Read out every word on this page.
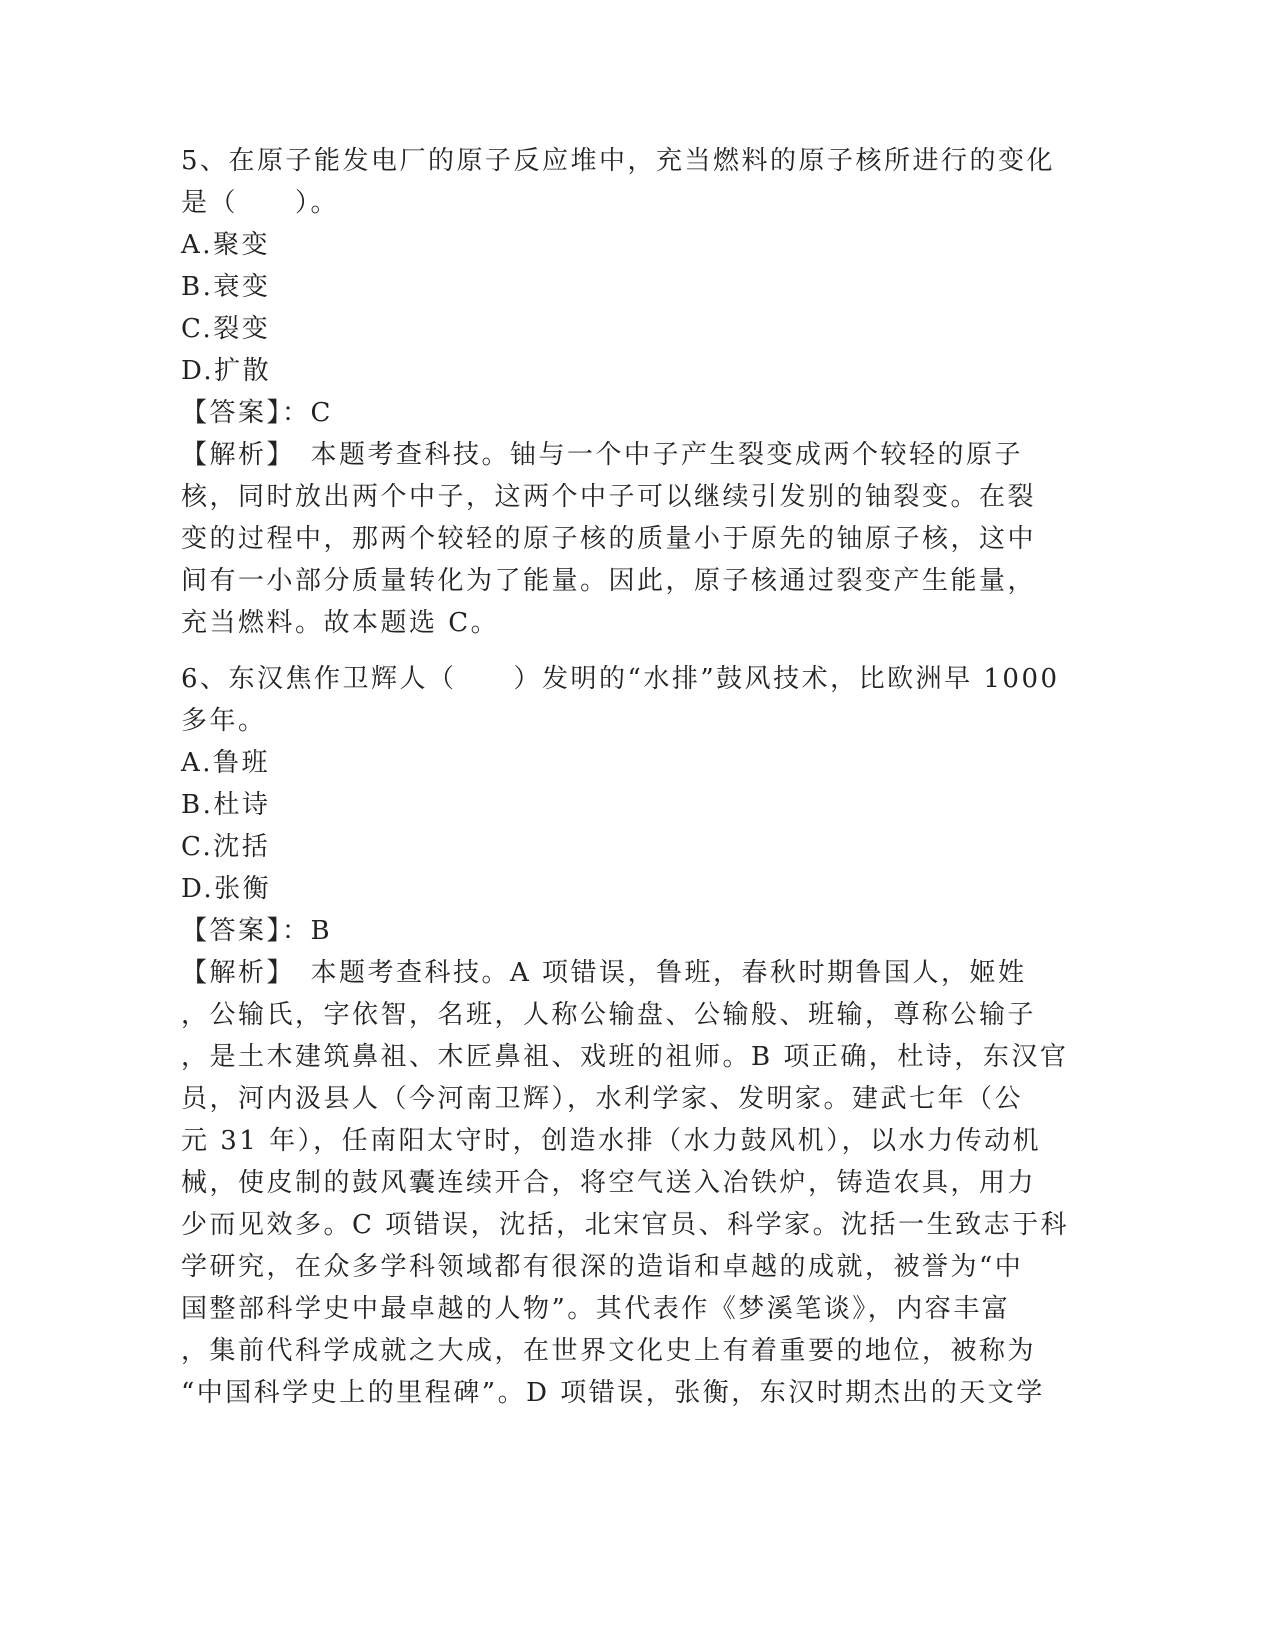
5、在原子能发电厂的原子反应堆中，充当燃料的原子核所进行的变化

是（　　）。

A.聚变

B.衰变

C.裂变

D.扩散

【答案】：C

【解析】　本题考查科技。铀与一个中子产生裂变成两个较轻的原子

核，同时放出两个中子，这两个中子可以继续引发别的铀裂变。在裂

变的过程中，那两个较轻的原子核的质量小于原先的铀原子核，这中

间有一小部分质量转化为了能量。因此，原子核通过裂变产生能量，

充当燃料。故本题选 C。

6、东汉焦作卫辉人（　　）发明的“水排”鼓风技术，比欧洲早 1000

多年。

A.鲁班

B.杜诗

C.沈括

D.张衡

【答案】：B

【解析】　本题考查科技。A 项错误，鲁班，春秋时期鲁国人，姬姓

，公输氏，字依智，名班，人称公输盘、公输般、班输，尊称公输子

，是土木建筑鼻祖、木匠鼻祖、戏班的祖师。B 项正确，杜诗，东汉官

员，河内汲县人（今河南卫辉），水利学家、发明家。建武七年（公

元 31 年），任南阳太守时，创造水排（水力鼓风机），以水力传动机

械，使皮制的鼓风囊连续开合，将空气送入冶铁炉，铸造农具，用力

少而见效多。C 项错误，沈括，北宋官员、科学家。沈括一生致志于科

学研究，在众多学科领域都有很深的造诣和卓越的成就，被誉为“中

国整部科学史中最卓越的人物”。其代表作《梦溪笔谈》，内容丰富

，集前代科学成就之大成，在世界文化史上有着重要的地位，被称为

“中国科学史上的里程碑”。D 项错误，张衡，东汉时期杰出的天文学
